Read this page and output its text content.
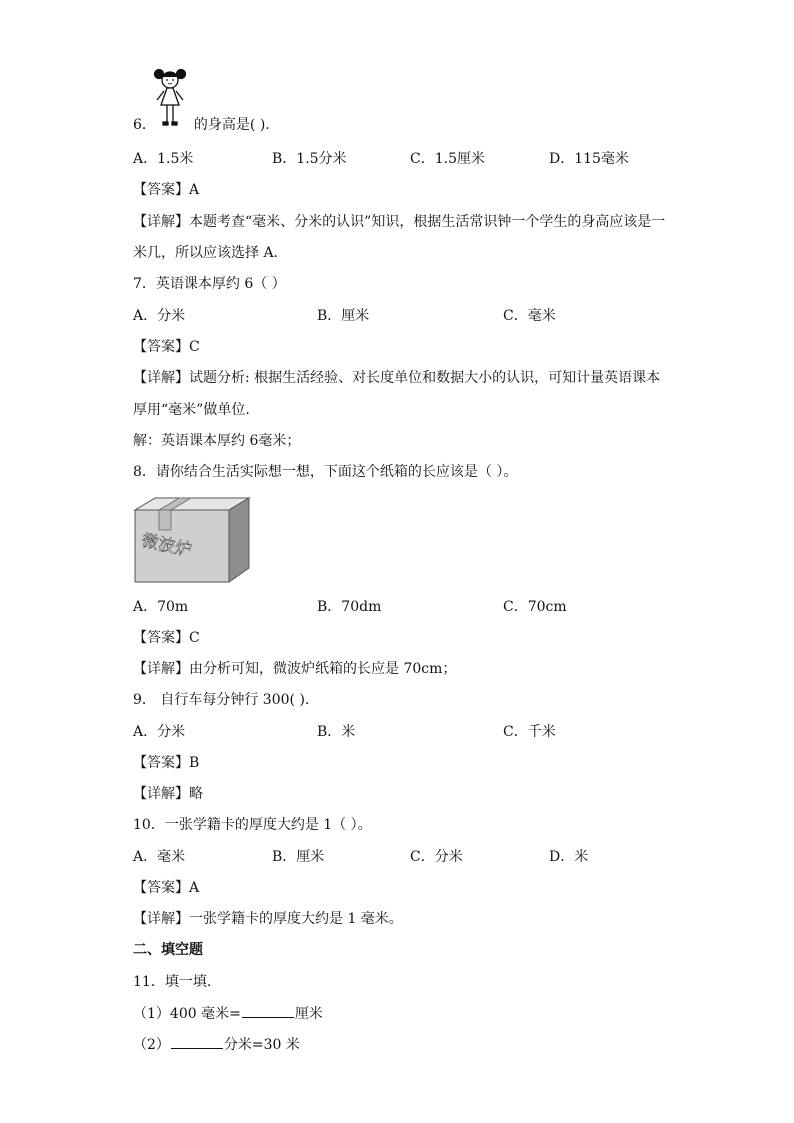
6．	的身高是( ).
A．1.5米	B．1.5分米	C．1.5厘米	D．115毫米
【答案】A
【详解】本题考查“毫米、分米的认识”知识，根据生活常识钟一个学生的身高应该是一
米几，所以应该选择 A.
7．英语课本厚约 6（ ）
A．分米	B．厘米	C．毫米
【答案】C
【详解】试题分析: 根据生活经验、对长度单位和数据大小的认识，可知计量英语课本
厚用“毫米”做单位.
解：英语课本厚约 6毫米；
8．请你结合生活实际想一想，下面这个纸箱的长应该是（ ）。
微波炉
A．70m	B．70dm	C．70cm
【答案】C
【详解】由分析可知，微波炉纸箱的长应是 70cm；
9． 自行车每分钟行 300( ).
A．分米	B．米	C．千米
【答案】B
【详解】略
10．一张学籍卡的厚度大约是 1（ ）。
A．毫米	B．厘米	C．分米	D．米
【答案】A
【详解】一张学籍卡的厚度大约是 1 毫米。
二、填空题
11．填一填.
（1）400 毫米=	厘米
（2）	分米=30 米
